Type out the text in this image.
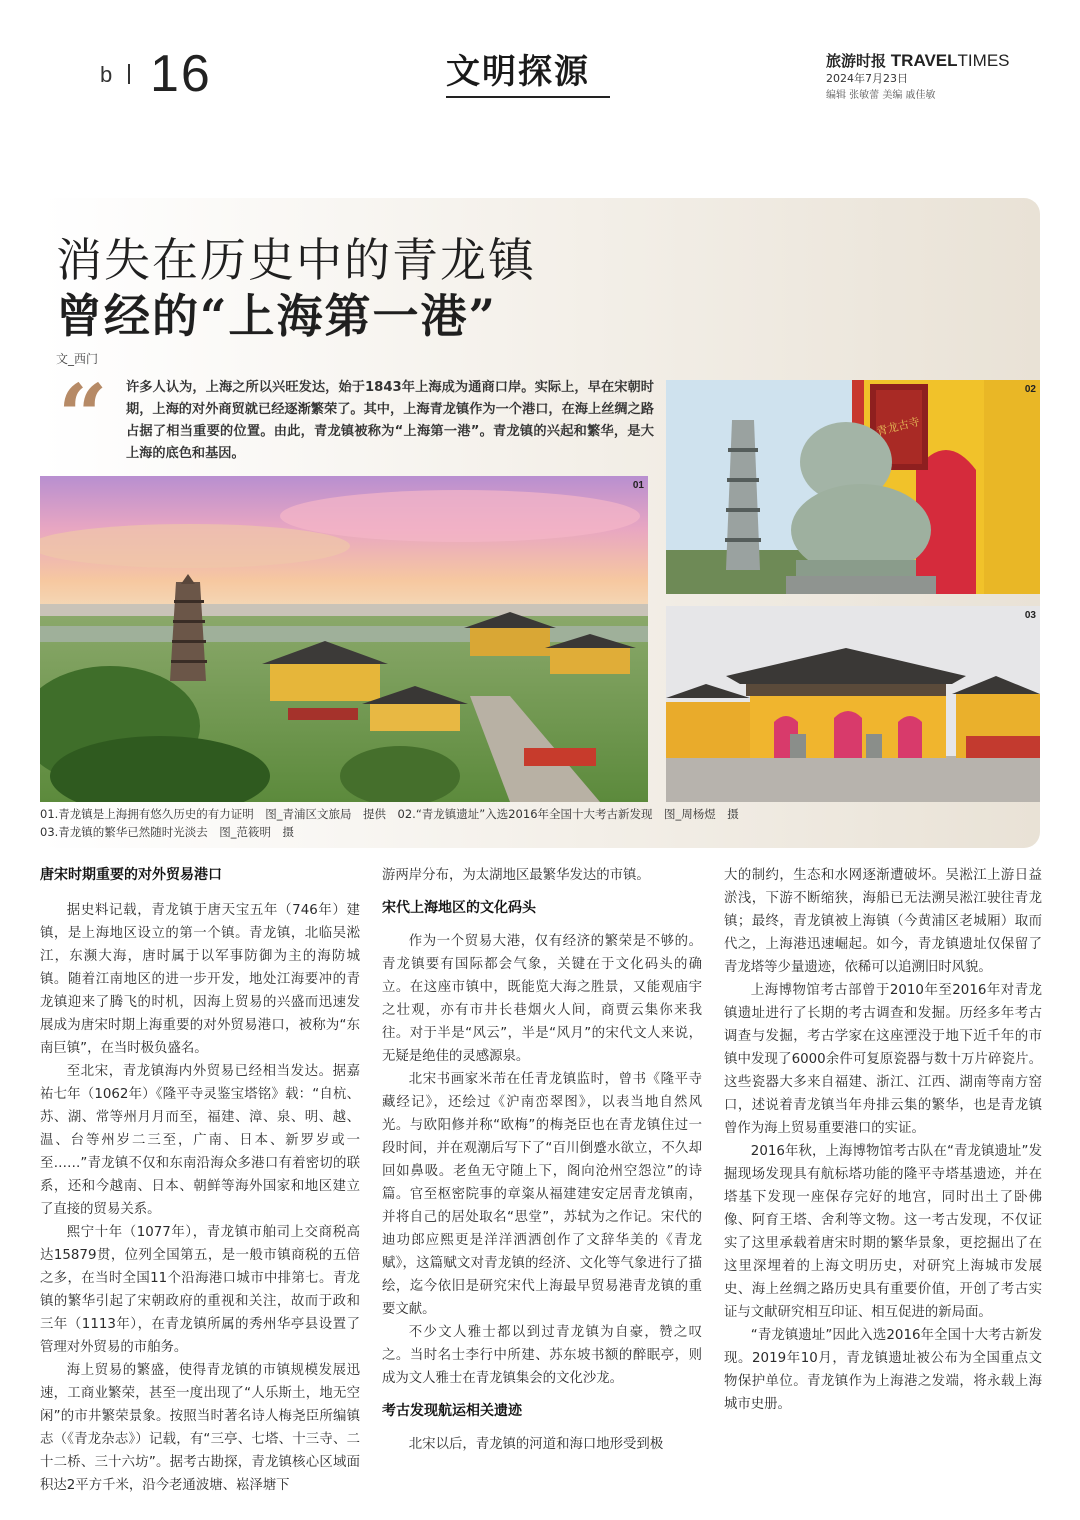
b 16	文明探源	旅游时报 TRAVELTIMES
2024年7月23日
编辑 张敏蕾 美编 戚佳敏
消失在历史中的青龙镇
曾经的“上海第一港”
文_西门
“ 许多人认为，上海之所以兴旺发达，始于1843年上海成为通商口岸。实际上，早在宋朝时期，上海的对外商贸就已经逐渐繁荣了。其中，上海青龙镇作为一个港口，在海上丝绸之路占据了相当重要的位置。由此，青龙镇被称为“上海第一港”。青龙镇的兴起和繁华，是大上海的底色和基因。
01
青龙古寺
02
03
01.青龙镇是上海拥有悠久历史的有力证明　图_青浦区文旅局　提供　02.“青龙镇遗址”入选2016年全国十大考古新发现　图_周杨煜　摄
03.青龙镇的繁华已然随时光淡去　图_范筱明　摄
唐宋时期重要的对外贸易港口

据史料记载，青龙镇于唐天宝五年（746年）建镇，是上海地区设立的第一个镇。青龙镇，北临吴淞江，东濒大海，唐时属于以军事防御为主的海防城镇。随着江南地区的进一步开发，地处江海要冲的青龙镇迎来了腾飞的时机，因海上贸易的兴盛而迅速发展成为唐宋时期上海重要的对外贸易港口，被称为“东南巨镇”，在当时极负盛名。

至北宋，青龙镇海内外贸易已经相当发达。据嘉祐七年（1062年）《隆平寺灵鉴宝塔铭》载：“自杭、苏、湖、常等州月月而至，福建、漳、泉、明、越、温、台等州岁二三至，广南、日本、新罗岁或一至……”青龙镇不仅和东南沿海众多港口有着密切的联系，还和今越南、日本、朝鲜等海外国家和地区建立了直接的贸易关系。

熙宁十年（1077年），青龙镇市舶司上交商税高达15879贯，位列全国第五，是一般市镇商税的五倍之多，在当时全国11个沿海港口城市中排第七。青龙镇的繁华引起了宋朝政府的重视和关注，故而于政和三年（1113年），在青龙镇所属的秀州华亭县设置了管理对外贸易的市舶务。

海上贸易的繁盛，使得青龙镇的市镇规模发展迅速，工商业繁荣，甚至一度出现了“人乐斯土，地无空闲”的市井繁荣景象。按照当时著名诗人梅尧臣所编镇志（《青龙杂志》）记载，有“三亭、七塔、十三寺、二十二桥、三十六坊”。据考古勘探，青龙镇核心区域面积达2平方千米，沿今老通波塘、崧泽塘下

游两岸分布，为太湖地区最繁华发达的市镇。

宋代上海地区的文化码头

作为一个贸易大港，仅有经济的繁荣是不够的。青龙镇要有国际都会气象，关键在于文化码头的确立。在这座市镇中，既能览大海之胜景，又能观庙宇之壮观，亦有市井长巷烟火人间，商贾云集你来我往。对于半是“风云”，半是“风月”的宋代文人来说，无疑是绝佳的灵感源泉。

北宋书画家米芾在任青龙镇监时，曾书《隆平寺藏经记》，还绘过《沪南峦翠图》，以表当地自然风光。与欧阳修并称“欧梅”的梅尧臣也在青龙镇住过一段时间，并在观潮后写下了“百川倒蹙水欲立，不久却回如鼻吸。老鱼无守随上下，阁向沧州空怨泣”的诗篇。官至枢密院事的章粢从福建建安定居青龙镇南，并将自己的居处取名“思堂”，苏轼为之作记。宋代的迪功郎应熙更是洋洋洒洒创作了文辞华美的《青龙赋》，这篇赋文对青龙镇的经济、文化等气象进行了描绘，迄今依旧是研究宋代上海最早贸易港青龙镇的重要文献。

不少文人雅士都以到过青龙镇为自豪，赞之叹之。当时名士李行中所建、苏东坡书额的醉眠亭，则成为文人雅士在青龙镇集会的文化沙龙。

考古发现航运相关遗迹

北宋以后，青龙镇的河道和海口地形受到极

大的制约，生态和水网逐渐遭破坏。吴淞江上游日益淤浅，下游不断缩狭，海船已无法溯吴淞江驶往青龙镇；最终，青龙镇被上海镇（今黄浦区老城厢）取而代之，上海港迅速崛起。如今，青龙镇遗址仅保留了青龙塔等少量遗迹，依稀可以追溯旧时风貌。

上海博物馆考古部曾于2010年至2016年对青龙镇遗址进行了长期的考古调查和发掘。历经多年考古调查与发掘，考古学家在这座湮没于地下近千年的市镇中发现了6000余件可复原瓷器与数十万片碎瓷片。这些瓷器大多来自福建、浙江、江西、湖南等南方窑口，述说着青龙镇当年舟排云集的繁华，也是青龙镇曾作为海上贸易重要港口的实证。

2016年秋，上海博物馆考古队在“青龙镇遗址”发掘现场发现具有航标塔功能的隆平寺塔基遗迹，并在塔基下发现一座保存完好的地宫，同时出土了卧佛像、阿育王塔、舍利等文物。这一考古发现，不仅证实了这里承载着唐宋时期的繁华景象，更挖掘出了在这里深埋着的上海文明历史，对研究上海城市发展史、海上丝绸之路历史具有重要价值，开创了考古实证与文献研究相互印证、相互促进的新局面。

“青龙镇遗址”因此入选2016年全国十大考古新发现。2019年10月，青龙镇遗址被公布为全国重点文物保护单位。青龙镇作为上海港之发端，将永载上海城市史册。
